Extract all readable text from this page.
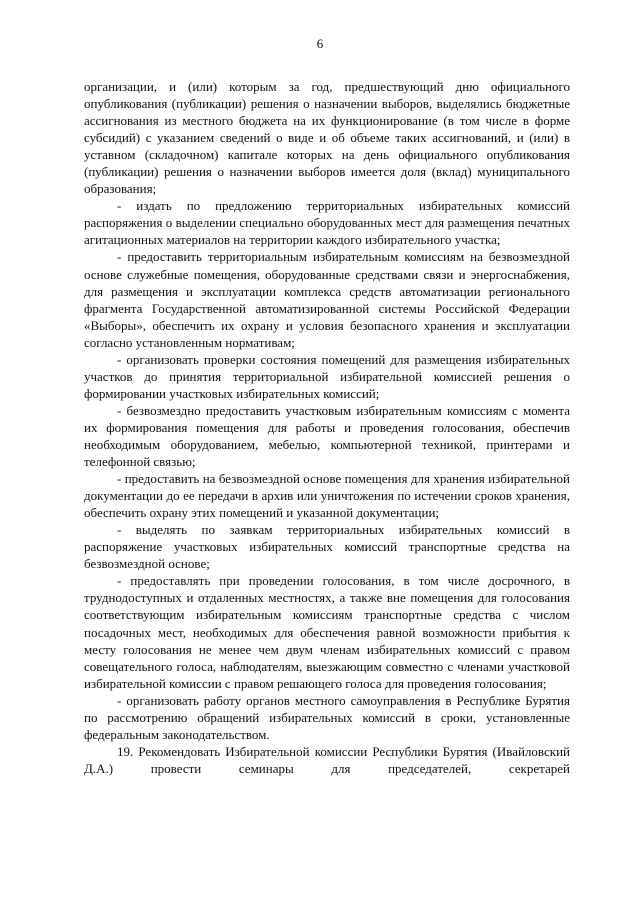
6

организации, и (или) которым за год, предшествующий дню официального опубликования (публикации) решения о назначении выборов, выделялись бюджетные ассигнования из местного бюджета на их функционирование (в том числе в форме субсидий) с указанием сведений о виде и об объеме таких ассигнований, и (или) в уставном (складочном) капитале которых на день официального опубликования (публикации) решения о назначении выборов имеется доля (вклад) муниципального образования;

- издать по предложению территориальных избирательных комиссий распоряжения о выделении специально оборудованных мест для размещения печатных агитационных материалов на территории каждого избирательного участка;

- предоставить территориальным избирательным комиссиям на безвозмездной основе служебные помещения, оборудованные средствами связи и энергоснабжения, для размещения и эксплуатации комплекса средств автоматизации регионального фрагмента Государственной автоматизированной системы Российской Федерации «Выборы», обеспечить их охрану и условия безопасного хранения и эксплуатации согласно установленным нормативам;

- организовать проверки состояния помещений для размещения избирательных участков до принятия территориальной избирательной комиссией решения о формировании участковых избирательных комиссий;

- безвозмездно предоставить участковым избирательным комиссиям с момента их формирования помещения для работы и проведения голосования, обеспечив необходимым оборудованием, мебелью, компьютерной техникой, принтерами и телефонной связью;

- предоставить на безвозмездной основе помещения для хранения избирательной документации до ее передачи в архив или уничтожения по истечении сроков хранения, обеспечить охрану этих помещений и указанной документации;

- выделять по заявкам территориальных избирательных комиссий в распоряжение участковых избирательных комиссий транспортные средства на безвозмездной основе;

- предоставлять при проведении голосования, в том числе досрочного, в труднодоступных и отдаленных местностях, а также вне помещения для голосования соответствующим избирательным комиссиям транспортные средства с числом посадочных мест, необходимых для обеспечения равной возможности прибытия к месту голосования не менее чем двум членам избирательных комиссий с правом совещательного голоса, наблюдателям, выезжающим совместно с членами участковой избирательной комиссии с правом решающего голоса для проведения голосования;

- организовать работу органов местного самоуправления в Республике Бурятия по рассмотрению обращений избирательных комиссий в сроки, установленные федеральным законодательством.

19. Рекомендовать Избирательной комиссии Республики Бурятия (Ивайловский Д.А.) провести семинары для председателей, секретарей
